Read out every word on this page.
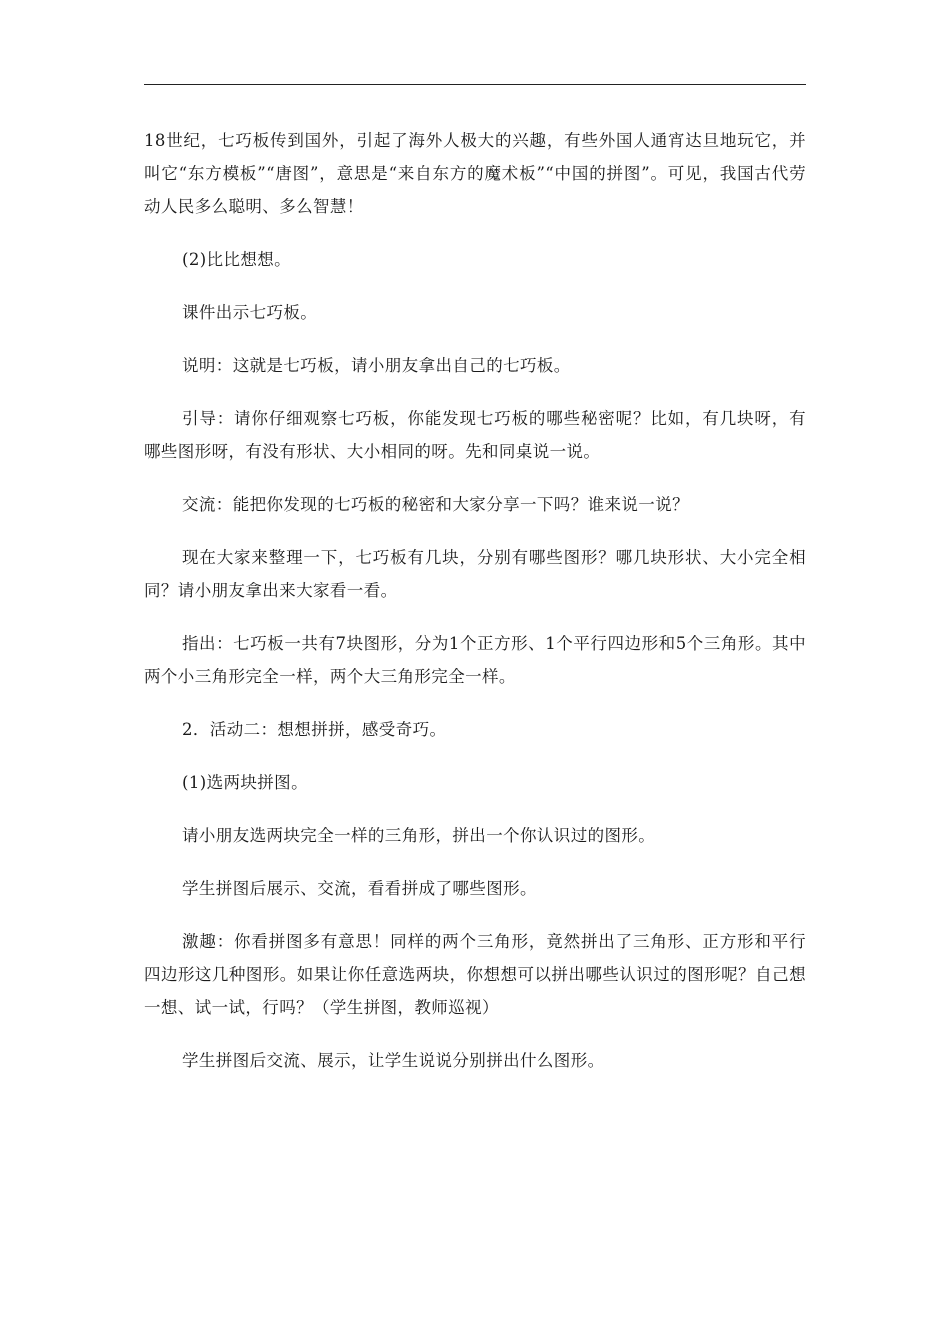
18世纪，七巧板传到国外，引起了海外人极大的兴趣，有些外国人通宵达旦地玩它，并叫它“东方模板”“唐图”，意思是“来自东方的魔术板”“中国的拼图”。可见，我国古代劳动人民多么聪明、多么智慧！

(2)比比想想。

课件出示七巧板。

说明：这就是七巧板，请小朋友拿出自己的七巧板。

引导：请你仔细观察七巧板，你能发现七巧板的哪些秘密呢？比如，有几块呀，有哪些图形呀，有没有形状、大小相同的呀。先和同桌说一说。

交流：能把你发现的七巧板的秘密和大家分享一下吗？谁来说一说？

现在大家来整理一下，七巧板有几块，分别有哪些图形？哪几块形状、大小完全相同？请小朋友拿出来大家看一看。

指出：七巧板一共有7块图形，分为1个正方形、1个平行四边形和5个三角形。其中两个小三角形完全一样，两个大三角形完全一样。

2．活动二：想想拼拼，感受奇巧。

(1)选两块拼图。

请小朋友选两块完全一样的三角形，拼出一个你认识过的图形。

学生拼图后展示、交流，看看拼成了哪些图形。

激趣：你看拼图多有意思！同样的两个三角形，竟然拼出了三角形、正方形和平行四边形这几种图形。如果让你任意选两块，你想想可以拼出哪些认识过的图形呢？自己想一想、试一试，行吗？（学生拼图，教师巡视）

学生拼图后交流、展示，让学生说说分别拼出什么图形。
